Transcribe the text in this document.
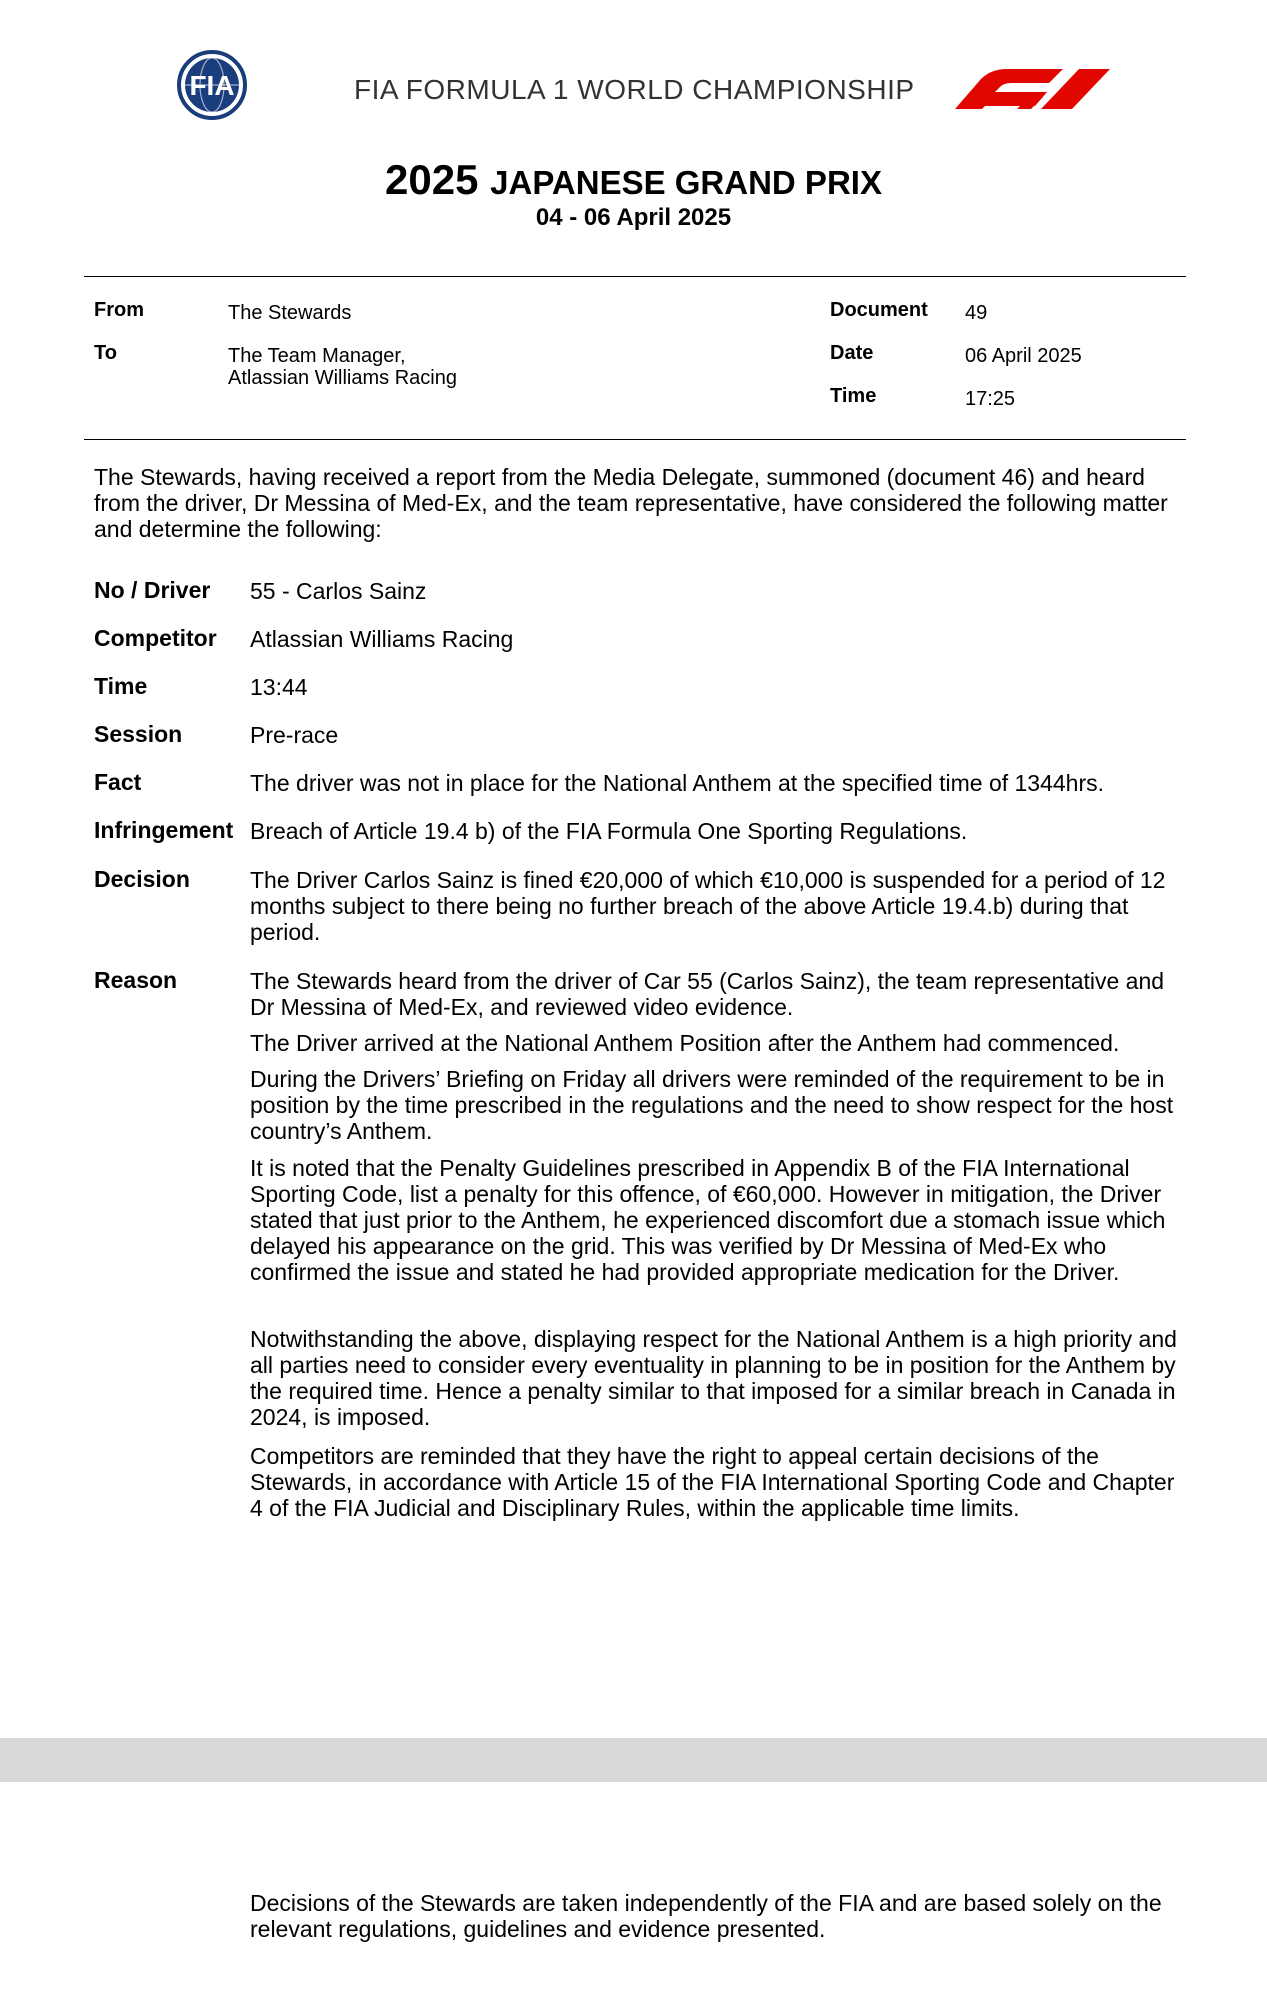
FIA	FIA FORMULA 1 WORLD CHAMPIONSHIP
2025 JAPANESE GRAND PRIX
04 - 06 April 2025
From	The Stewards
To	The Team Manager,
Atlassian Williams Racing
Document 49
Date	06 April 2025
Time	17:25
The Stewards, having received a report from the Media Delegate, summoned (document 46) and heard from the driver, Dr Messina of Med-Ex, and the team representative, have considered the following matter and determine the following:
No / Driver 55 - Carlos Sainz
Competitor Atlassian Williams Racing
Time	13:44
Session	Pre-race
Fact	The driver was not in place for the National Anthem at the specified time of 1344hrs.
Infringement Breach of Article 19.4 b) of the FIA Formula One Sporting Regulations.
Decision	The Driver Carlos Sainz is fined €20,000 of which €10,000 is suspended for a period of 12 months subject to there being no further breach of the above Article 19.4.b) during that period.
Reason	The Stewards heard from the driver of Car 55 (Carlos Sainz), the team representative and Dr Messina of Med-Ex, and reviewed video evidence.
The Driver arrived at the National Anthem Position after the Anthem had commenced.
During the Drivers’ Briefing on Friday all drivers were reminded of the requirement to be in position by the time prescribed in the regulations and the need to show respect for the host country’s Anthem.
It is noted that the Penalty Guidelines prescribed in Appendix B of the FIA International Sporting Code, list a penalty for this offence, of €60,000. However in mitigation, the Driver stated that just prior to the Anthem, he experienced discomfort due a stomach issue which delayed his appearance on the grid. This was verified by Dr Messina of Med-Ex who confirmed the issue and stated he had provided appropriate medication for the Driver.
Notwithstanding the above, displaying respect for the National Anthem is a high priority and all parties need to consider every eventuality in planning to be in position for the Anthem by the required time. Hence a penalty similar to that imposed for a similar breach in Canada in 2024, is imposed.
Competitors are reminded that they have the right to appeal certain decisions of the Stewards, in accordance with Article 15 of the FIA International Sporting Code and Chapter 4 of the FIA Judicial and Disciplinary Rules, within the applicable time limits.
Decisions of the Stewards are taken independently of the FIA and are based solely on the relevant regulations, guidelines and evidence presented.
